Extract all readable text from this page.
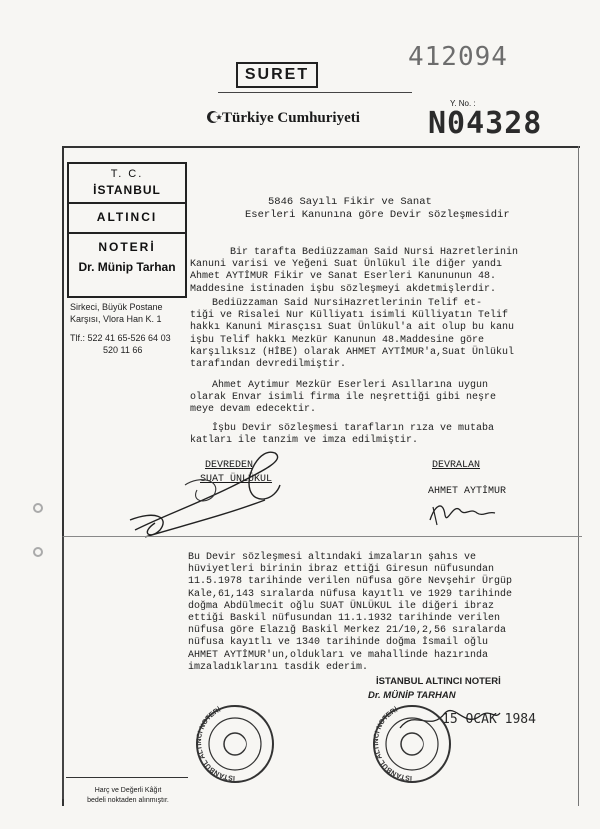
412094
SURET
Türkiye Cumhuriyeti
Y. No. :
N04328
T. C.
İSTANBUL
ALTINCI
NOTERİ
Dr. Münip Tarhan
Sirkeci, Büyük Postane
Karşısı, Vlora Han K. 1
Tlf.: 522 41 65-526 64 03
520 11 66
5846 Sayılı Fikir ve Sanat
Eserleri Kanunına göre Devir sözleşmesidir
Bir tarafta Bediüzzaman Said Nursi Hazretlerinin
Kanuni varisi ve Yeğeni Suat Ünlükul ile diğer yandı
Ahmet AYTİMUR Fikir ve Sanat Eserleri Kanununun 48.
Maddesine istinaden işbu sözleşmeyi akdetmişlerdir.
Bediüzzaman Said NursiHazretlerinin Telif et-
tiği ve Risalei Nur Külliyatı isimli Külliyatın Telif
hakkı Kanuni Mirasçısı Suat Ünlükul'a ait olup bu kanu
işbu Telif hakkı Mezkür Kanunun 48.Maddesine göre
karşılıksız (HİBE) olarak AHMET AYTİMUR'a,Suat Ünlükul
tarafından devredilmiştir.
Ahmet Aytimur Mezkür Eserleri Asıllarına uygun
olarak Envar isimli firma ile neşrettiği gibi neşre
meye devam edecektir.
İşbu Devir sözleşmesi tarafların rıza ve mutaba
katları ile tanzim ve imza edilmiştir.
DEVREDEN
SUAT ÜNLÜKUL
DEVRALAN
AHMET AYTİMUR
Bu Devir sözleşmesi altındaki imzaların şahıs ve
hüviyetleri birinin ibraz ettiği Giresun nüfusundan
11.5.1978 tarihinde verilen nüfusa göre Nevşehir Ürgüp
Kale,61,143 sıralarda nüfusa kayıtlı ve 1929 tarihinde
doğma Abdülmecit oğlu SUAT ÜNLÜKUL ile diğeri ibraz
ettiği Baskil nüfusundan 11.1.1932 tarihinde verilen
nüfusa göre Elazığ Baskil Merkez 21/10,2,56 sıralarda
nüfusa kayıtlı ve 1340 tarihinde doğma İsmail oğlu
AHMET AYTİMUR'un,oldukları ve mahallinde hazırında
imzaladıklarını tasdik ederim.
İSTANBUL ALTINCI NOTERİ
Dr. MÜNİP TARHAN
15 OCAK 1984
İSTANBUL ALTINCI NOTERİ
İSTANBUL ALTINCI NOTERİ
Harç ve Değerli Kâğıt
bedeli noktaden alınmıştır.
